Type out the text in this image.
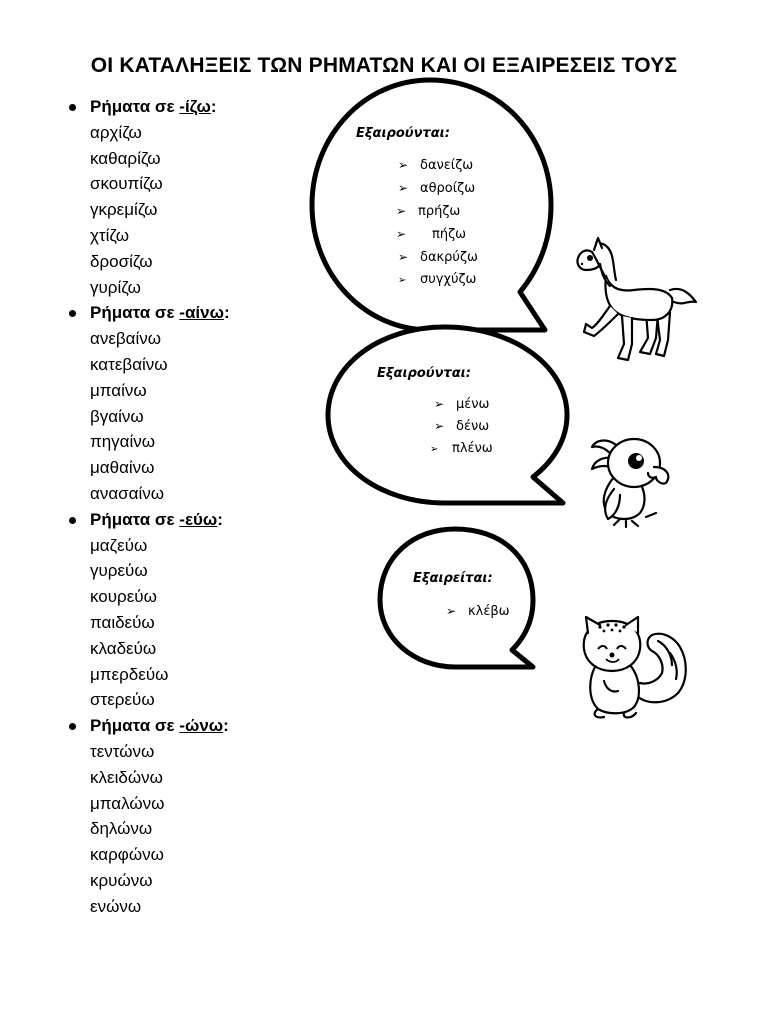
ΟΙ ΚΑΤΑΛΗΞΕΙΣ ΤΩΝ ΡΗΜΑΤΩΝ ΚΑΙ ΟΙ ΕΞΑΙΡΕΣΕΙΣ ΤΟΥΣ
Ρήματα σε -ίζω:
αρχίζω
καθαρίζω
σκουπίζω
γκρεμίζω
χτίζω
δροσίζω
γυρίζω
Ρήματα σε -αίνω:
ανεβαίνω
κατεβαίνω
μπαίνω
βγαίνω
πηγαίνω
μαθαίνω
ανασαίνω
Ρήματα σε -εύω:
μαζεύω
γυρεύω
κουρεύω
παιδεύω
κλαδεύω
μπερδεύω
στερεύω
Ρήματα σε -ώνω:
τεντώνω
κλειδώνω
μπαλώνω
δηλώνω
καρφώνω
κρυώνω
ενώνω
Εξαιρούνται:
➢ δανείζω
➢ αθροίζω
➢ πρήζω
➢ πήζω
➢ δακρύζω
➢ συγχύζω
Εξαιρούνται:
➢ μένω
➢ δένω
➢ πλένω
Εξαιρείται:
➢ κλέβω
